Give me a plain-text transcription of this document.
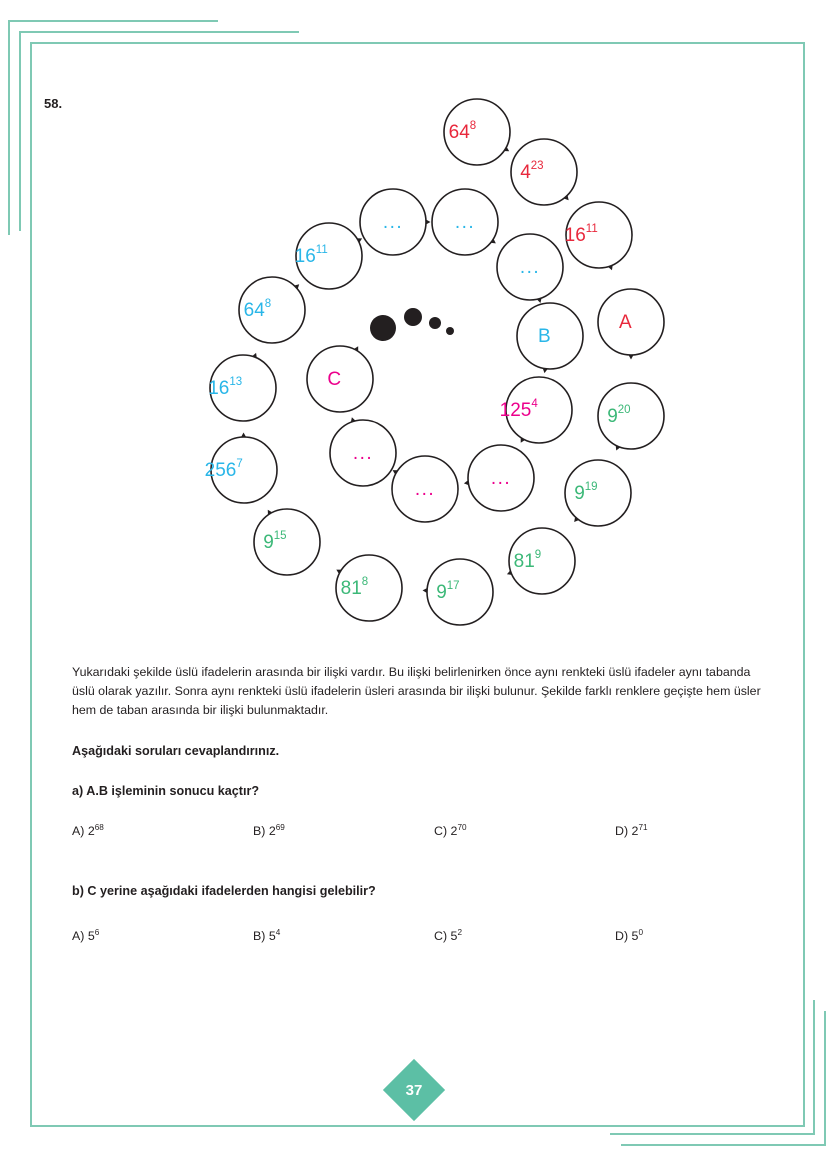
58.
$64^8$
$4^{23}$
$16^{11}$
A
$9^{20}$
$9^{19}$
$81^9$
$9^{17}$
$81^8$
$9^{15}$
$256^7$
$16^{13}$
$64^8$
$16^{11}$
...	...
...
B
$125^4$
...
...
...
C
Yukarıdaki şekilde üslü ifadelerin arasında bir ilişki vardır. Bu ilişki belirlenirken önce aynı renkteki üslü ifadeler aynı tabanda üslü olarak yazılır. Sonra aynı renkteki üslü ifadelerin üsleri arasında bir ilişki bulunur. Şekilde farklı renklere geçişte hem üsler hem de taban arasında bir ilişki bulunmaktadır.
Aşağıdaki soruları cevaplandırınız.
a) A.B işleminin sonucu kaçtır?
A) $2^{68}$	B) $2^{69}$	C) $2^{70}$	D) $2^{71}$
b) C yerine aşağıdaki ifadelerden hangisi gelebilir?
A) $5^6$	B) $5^4$	C) $5^2$	D) $5^0$
37
